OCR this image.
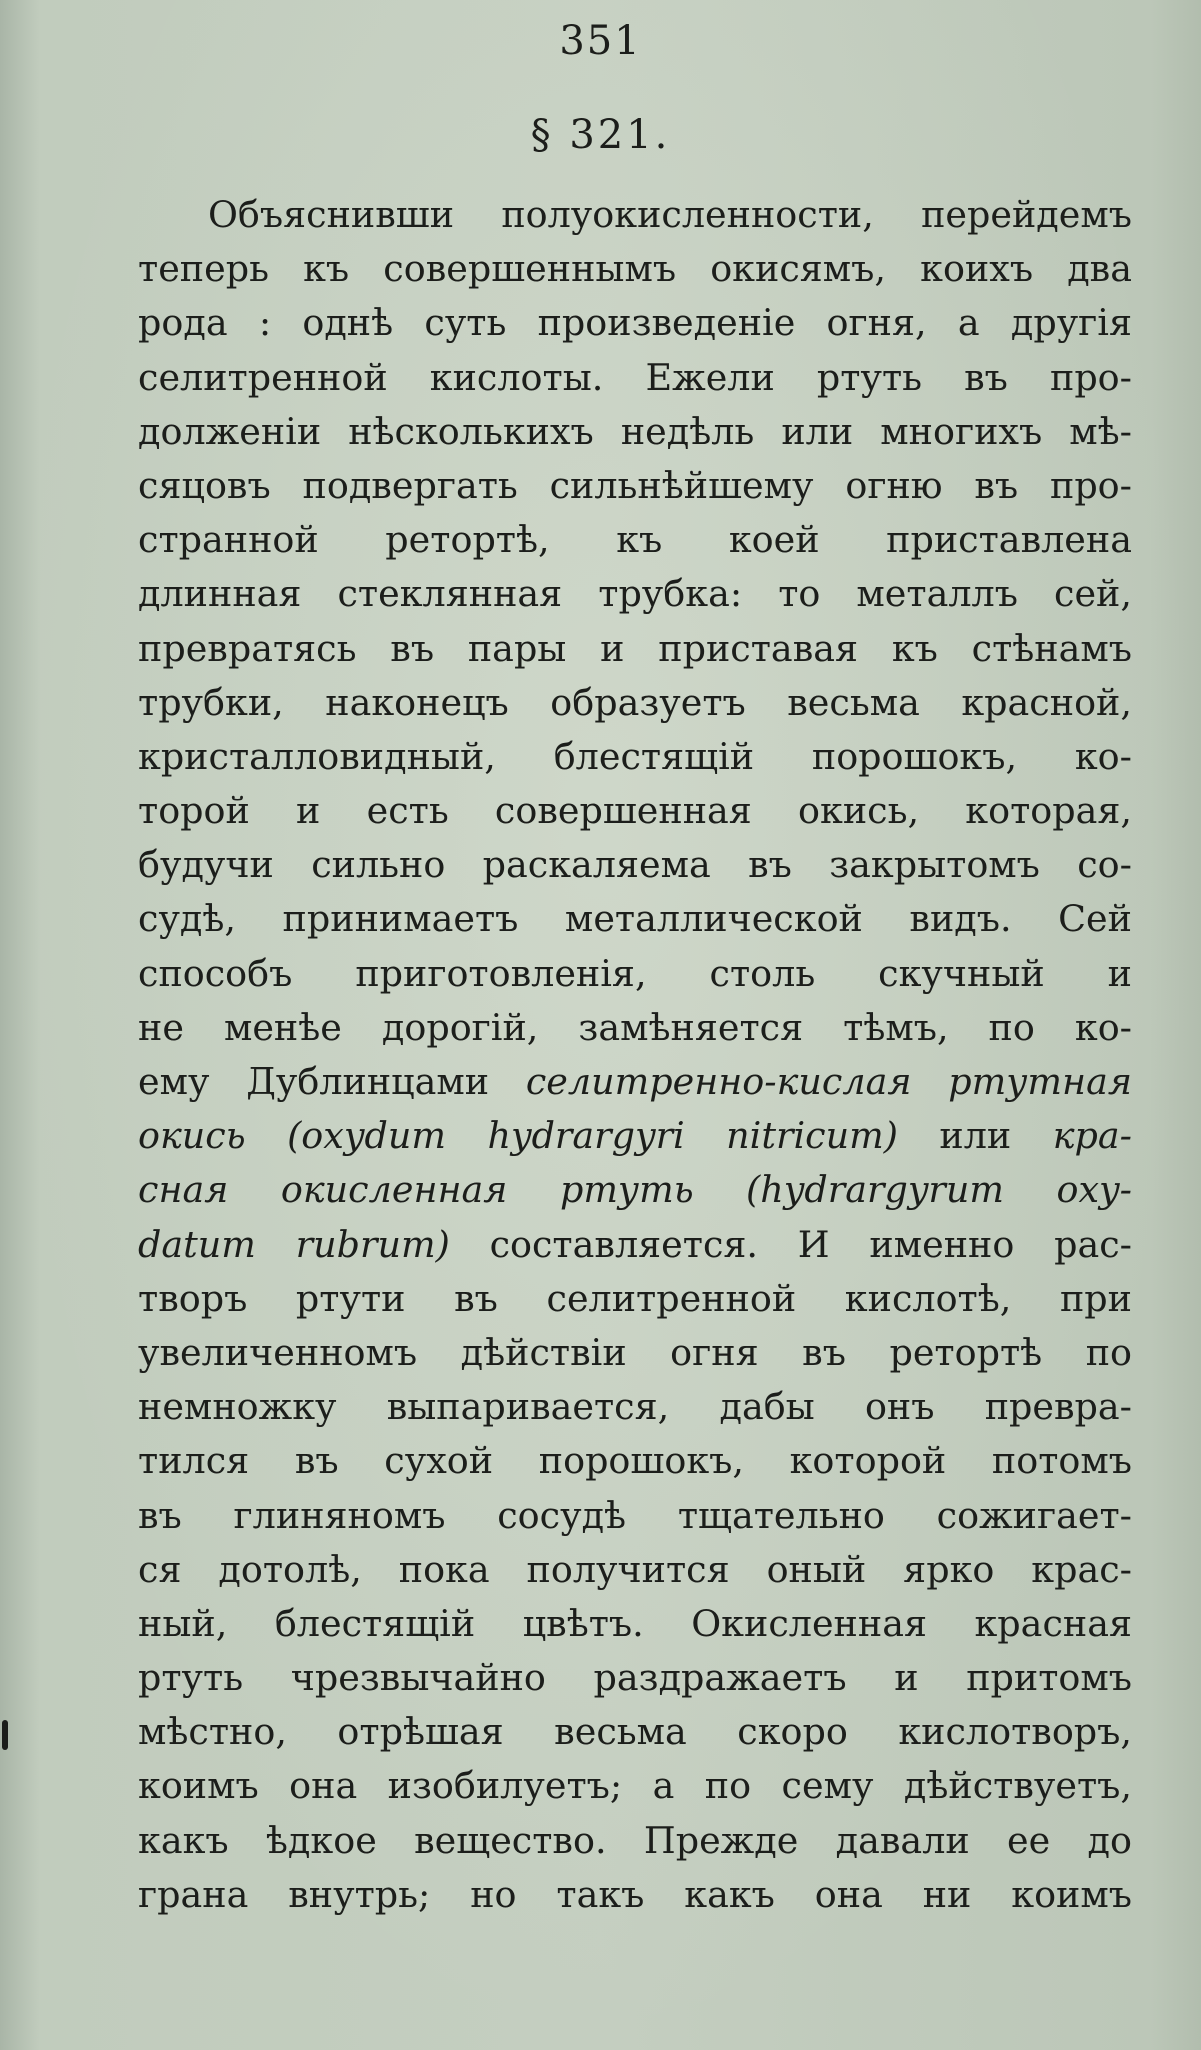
351
§ 321.
Объяснивши полуокисленности, перейдемъ
теперь къ совершеннымъ окисямъ, коихъ два
рода : однѣ суть произведеніе огня, а другія
селитренной кислоты. Ежели ртуть въ про-
долженіи нѣсколькихъ недѣль или многихъ мѣ-
сяцовъ подвергать сильнѣйшему огню въ про-
странной ретортѣ, къ коей приставлена
длинная стеклянная трубка: то металлъ сей,
превратясь въ пары и приставая къ стѣнамъ
трубки, наконецъ образуетъ весьма красной,
кристалловидный, блестящій порошокъ, ко-
торой и есть совершенная окись, которая,
будучи сильно раскаляема въ закрытомъ со-
судѣ, принимаетъ металлической видъ. Сей
способъ приготовленія, столь скучный и
не менѣе дорогій, замѣняется тѣмъ, по ко-
ему Дублинцами селитренно-кислая ртутная
окись (oxydum hydrargyri nitricum) или кра-
сная окисленная ртуть (hydrargyrum oxy-
datum rubrum) составляется. И именно рас-
творъ ртути въ селитренной кислотѣ, при
увеличенномъ дѣйствіи огня въ ретортѣ по
немножку выпаривается, дабы онъ превра-
тился въ сухой порошокъ, которой потомъ
въ глиняномъ сосудѣ тщательно сожигает-
ся дотолѣ, пока получится оный ярко крас-
ный, блестящій цвѣтъ. Окисленная красная
ртуть чрезвычайно раздражаетъ и притомъ
мѣстно, отрѣшая весьма скоро кислотворъ,
коимъ она изобилуетъ; а по сему дѣйствуетъ,
какъ ѣдкое вещество. Прежде давали ее до
грана внутрь; но такъ какъ она ни коимъ
